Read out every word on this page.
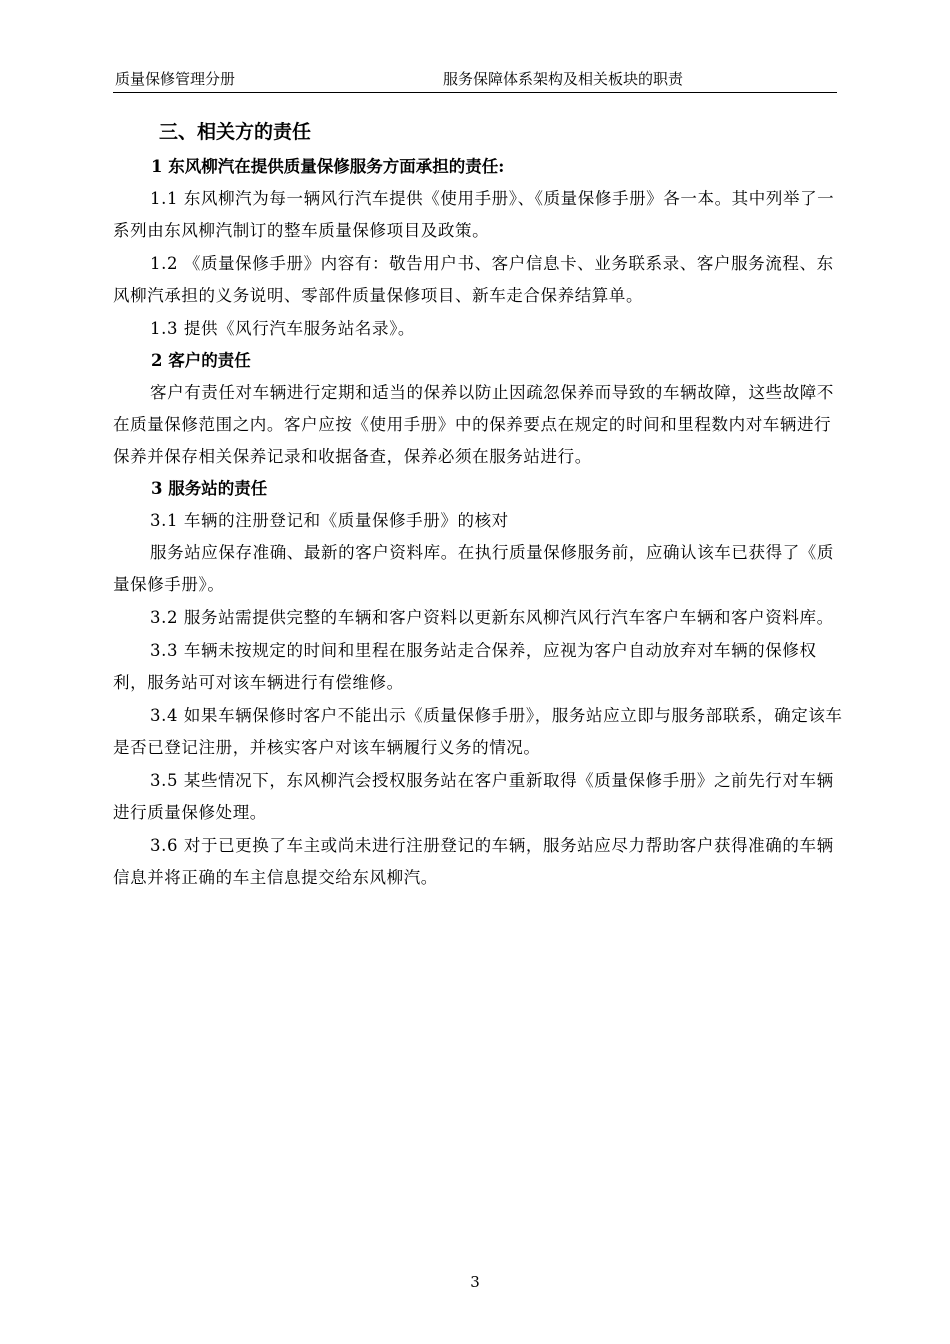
质量保修管理分册	服务保障体系架构及相关板块的职责
三、相关方的责任
1 东风柳汽在提供质量保修服务方面承担的责任:

1.1 东风柳汽为每一辆风行汽车提供《使用手册》、《质量保修手册》各一本。其中列举了一系列由东风柳汽制订的整车质量保修项目及政策。

1.2 《质量保修手册》内容有：敬告用户书、客户信息卡、业务联系录、客户服务流程、东风柳汽承担的义务说明、零部件质量保修项目、新车走合保养结算单。

1.3 提供《风行汽车服务站名录》。

2 客户的责任

客户有责任对车辆进行定期和适当的保养以防止因疏忽保养而导致的车辆故障，这些故障不在质量保修范围之内。客户应按《使用手册》中的保养要点在规定的时间和里程数内对车辆进行保养并保存相关保养记录和收据备查，保养必须在服务站进行。

3 服务站的责任

3.1 车辆的注册登记和《质量保修手册》的核对

服务站应保存准确、最新的客户资料库。在执行质量保修服务前，应确认该车已获得了《质量保修手册》。

3.2 服务站需提供完整的车辆和客户资料以更新东风柳汽风行汽车客户车辆和客户资料库。

3.3 车辆未按规定的时间和里程在服务站走合保养，应视为客户自动放弃对车辆的保修权利，服务站可对该车辆进行有偿维修。

3.4 如果车辆保修时客户不能出示《质量保修手册》，服务站应立即与服务部联系，确定该车是否已登记注册，并核实客户对该车辆履行义务的情况。

3.5 某些情况下，东风柳汽会授权服务站在客户重新取得《质量保修手册》之前先行对车辆进行质量保修处理。

3.6 对于已更换了车主或尚未进行注册登记的车辆，服务站应尽力帮助客户获得准确的车辆信息并将正确的车主信息提交给东风柳汽。

3
